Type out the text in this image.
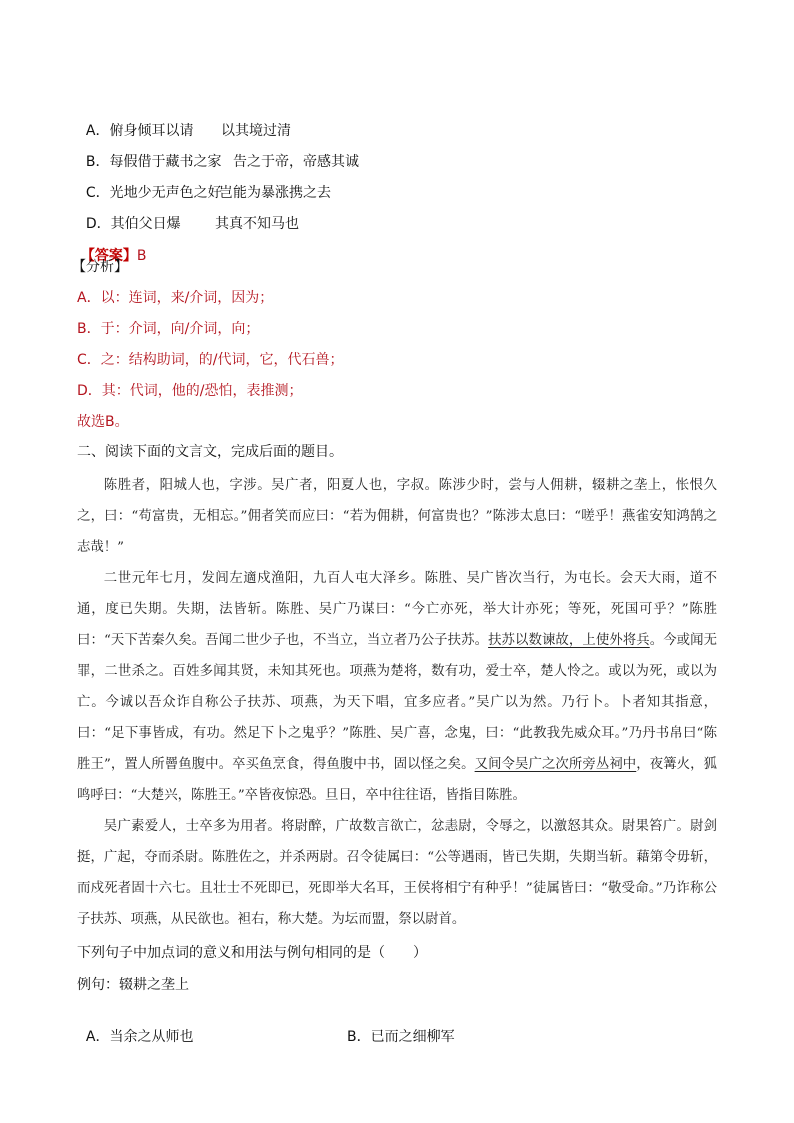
A．俯身倾耳以请 以其境过清

B．每假借于藏书之家 告之于帝，帝感其诚

C．光地少无声色之好
岂能为暴涨携之去

D．其伯父日爆 其真不知马也

【答案】B

【分析】
A．以：连词，来/介词，因为；
B．于：介词，向/介词，向；
C．之：结构助词，的/代词，它，代石兽；
D．其：代词，他的/恐怕，表推测；
故选B。
二、阅读下面的文言文，完成后面的题目。

陈胜者，阳城人也，字涉。吴广者，阳夏人也，字叔。陈涉少时，尝与人佣耕，辍耕之垄上，怅恨久之，曰：“苟富贵，无相忘。”佣者笑而应曰：“若为佣耕，何富贵也？”陈涉太息曰：“嗟乎！燕雀安知鸿鹄之志哉！”

二世元年七月，发闾左適戍渔阳，九百人屯大泽乡。陈胜、吴广皆次当行，为屯长。会天大雨，道不通，度已失期。失期，法皆斩。陈胜、吴广乃谋曰：“今亡亦死，举大计亦死；等死，死国可乎？”陈胜曰：“天下苦秦久矣。吾闻二世少子也，不当立，当立者乃公子扶苏。扶苏以数谏故，上使外将兵。今或闻无罪，二世杀之。百姓多闻其贤，未知其死也。项燕为楚将，数有功，爱士卒，楚人怜之。或以为死，或以为亡。今诚以吾众诈自称公子扶苏、项燕，为天下唱，宜多应者。”吴广以为然。乃行卜。卜者知其指意，曰：“足下事皆成，有功。然足下卜之鬼乎？”陈胜、吴广喜，念鬼，曰：“此教我先威众耳。”乃丹书帛曰“陈胜王”，置人所罾鱼腹中。卒买鱼烹食，得鱼腹中书，固以怪之矣。又间令吴广之次所旁丛祠中，夜篝火，狐鸣呼曰：“大楚兴，陈胜王。”卒皆夜惊恐。旦日，卒中往往语，皆指目陈胜。

吴广素爱人，士卒多为用者。将尉醉，广故数言欲亡，忿恚尉，令辱之，以激怒其众。尉果笞广。尉剑挺，广起，夺而杀尉。陈胜佐之，并杀两尉。召令徒属曰：“公等遇雨，皆已失期，失期当斩。藉第令毋斩，而戍死者固十六七。且壮士不死即已，死即举大名耳，王侯将相宁有种乎！”徒属皆曰：“敬受命。”乃诈称公子扶苏、项燕，从民欲也。袒右，称大楚。为坛而盟，祭以尉首。

下列句子中加点词的意义和用法与例句相同的是（　　）
例句：辍耕之垄上

A．当余之从师也	B．已而之细柳军
